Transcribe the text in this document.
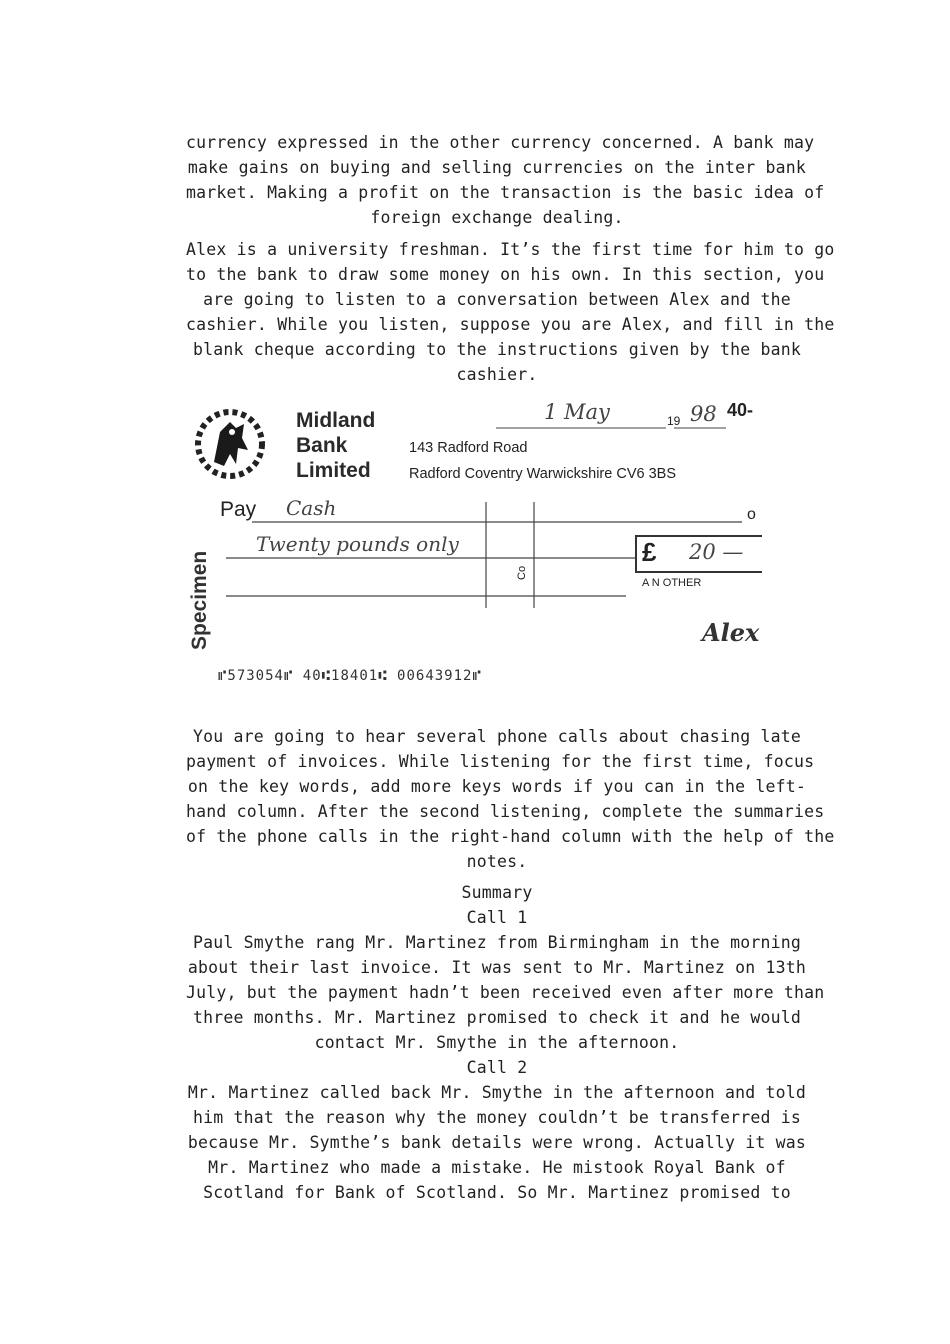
currency expressed in the other currency concerned. A bank may
make gains on buying and selling currencies on the inter bank
market. Making a profit on the transaction is the basic idea of
foreign exchange dealing.

Alex is a university freshman. It’s the first time for him to go
to the bank to draw some money on his own. In this section, you
are going to listen to a conversation between Alex and the
cashier. While you listen, suppose you are Alex, and fill in the
blank cheque according to the instructions given by the bank
cashier.

Midland
Bank
Limited
143 Radford Road
Radford Coventry Warwickshire CV6 3BS
1 May	19 98 40-
Pay Cash	o
Twenty pounds only	£ 20 —
A N OTHER
Co
Alex
Specimen
⑈573054⑈ 40⑆18401⑆ 00643912⑈

You are going to hear several phone calls about chasing late
payment of invoices. While listening for the first time, focus
on the key words, add more keys words if you can in the left-
hand column. After the second listening, complete the summaries
of the phone calls in the right-hand column with the help of the
notes.

Summary
Call 1
Paul Smythe rang Mr. Martinez from Birmingham in the morning
about their last invoice. It was sent to Mr. Martinez on 13th
July, but the payment hadn’t been received even after more than
three months. Mr. Martinez promised to check it and he would
contact Mr. Smythe in the afternoon.
Call 2
Mr. Martinez called back Mr. Smythe in the afternoon and told
him that the reason why the money couldn’t be transferred is
because Mr. Symthe’s bank details were wrong. Actually it was
Mr. Martinez who made a mistake. He mistook Royal Bank of
Scotland for Bank of Scotland. So Mr. Martinez promised to
